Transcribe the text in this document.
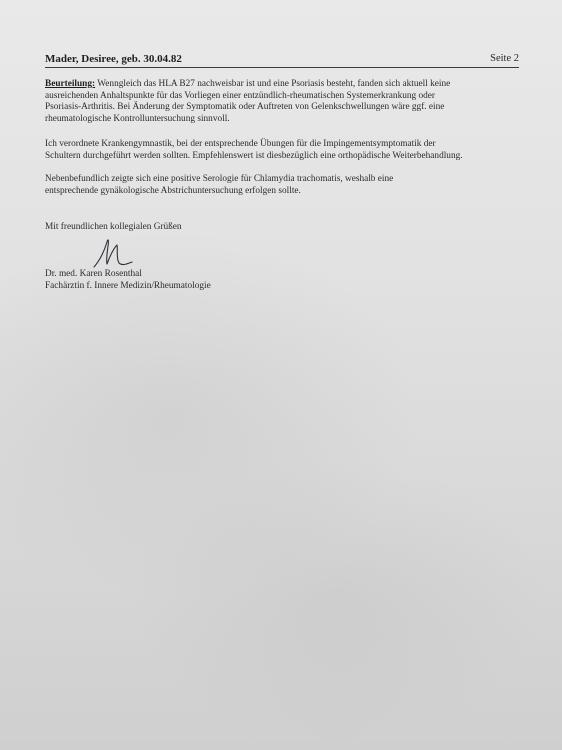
Mader, Desiree, geb. 30.04.82	Seite 2
Beurteilung: Wenngleich das HLA B27 nachweisbar ist und eine Psoriasis besteht, fanden sich aktuell keine
ausreichenden Anhaltspunkte für das Vorliegen einer entzündlich-rheumatischen Systemerkrankung oder
Psoriasis-Arthritis. Bei Änderung der Symptomatik oder Auftreten von Gelenkschwellungen wäre ggf. eine
rheumatologische Kontrolluntersuchung sinnvoll.
Ich verordnete Krankengymnastik, bei der entsprechende Übungen für die Impingementsymptomatik der
Schultern durchgeführt werden sollten. Empfehlenswert ist diesbezüglich eine orthopädische Weiterbehandlung.
Nebenbefundlich zeigte sich eine positive Serologie für Chlamydia trachomatis, weshalb eine
entsprechende gynäkologische Abstrichuntersuchung erfolgen sollte.
Mit freundlichen kollegialen Grüßen
Dr. med. Karen Rosenthal
Fachärztin f. Innere Medizin/Rheumatologie
